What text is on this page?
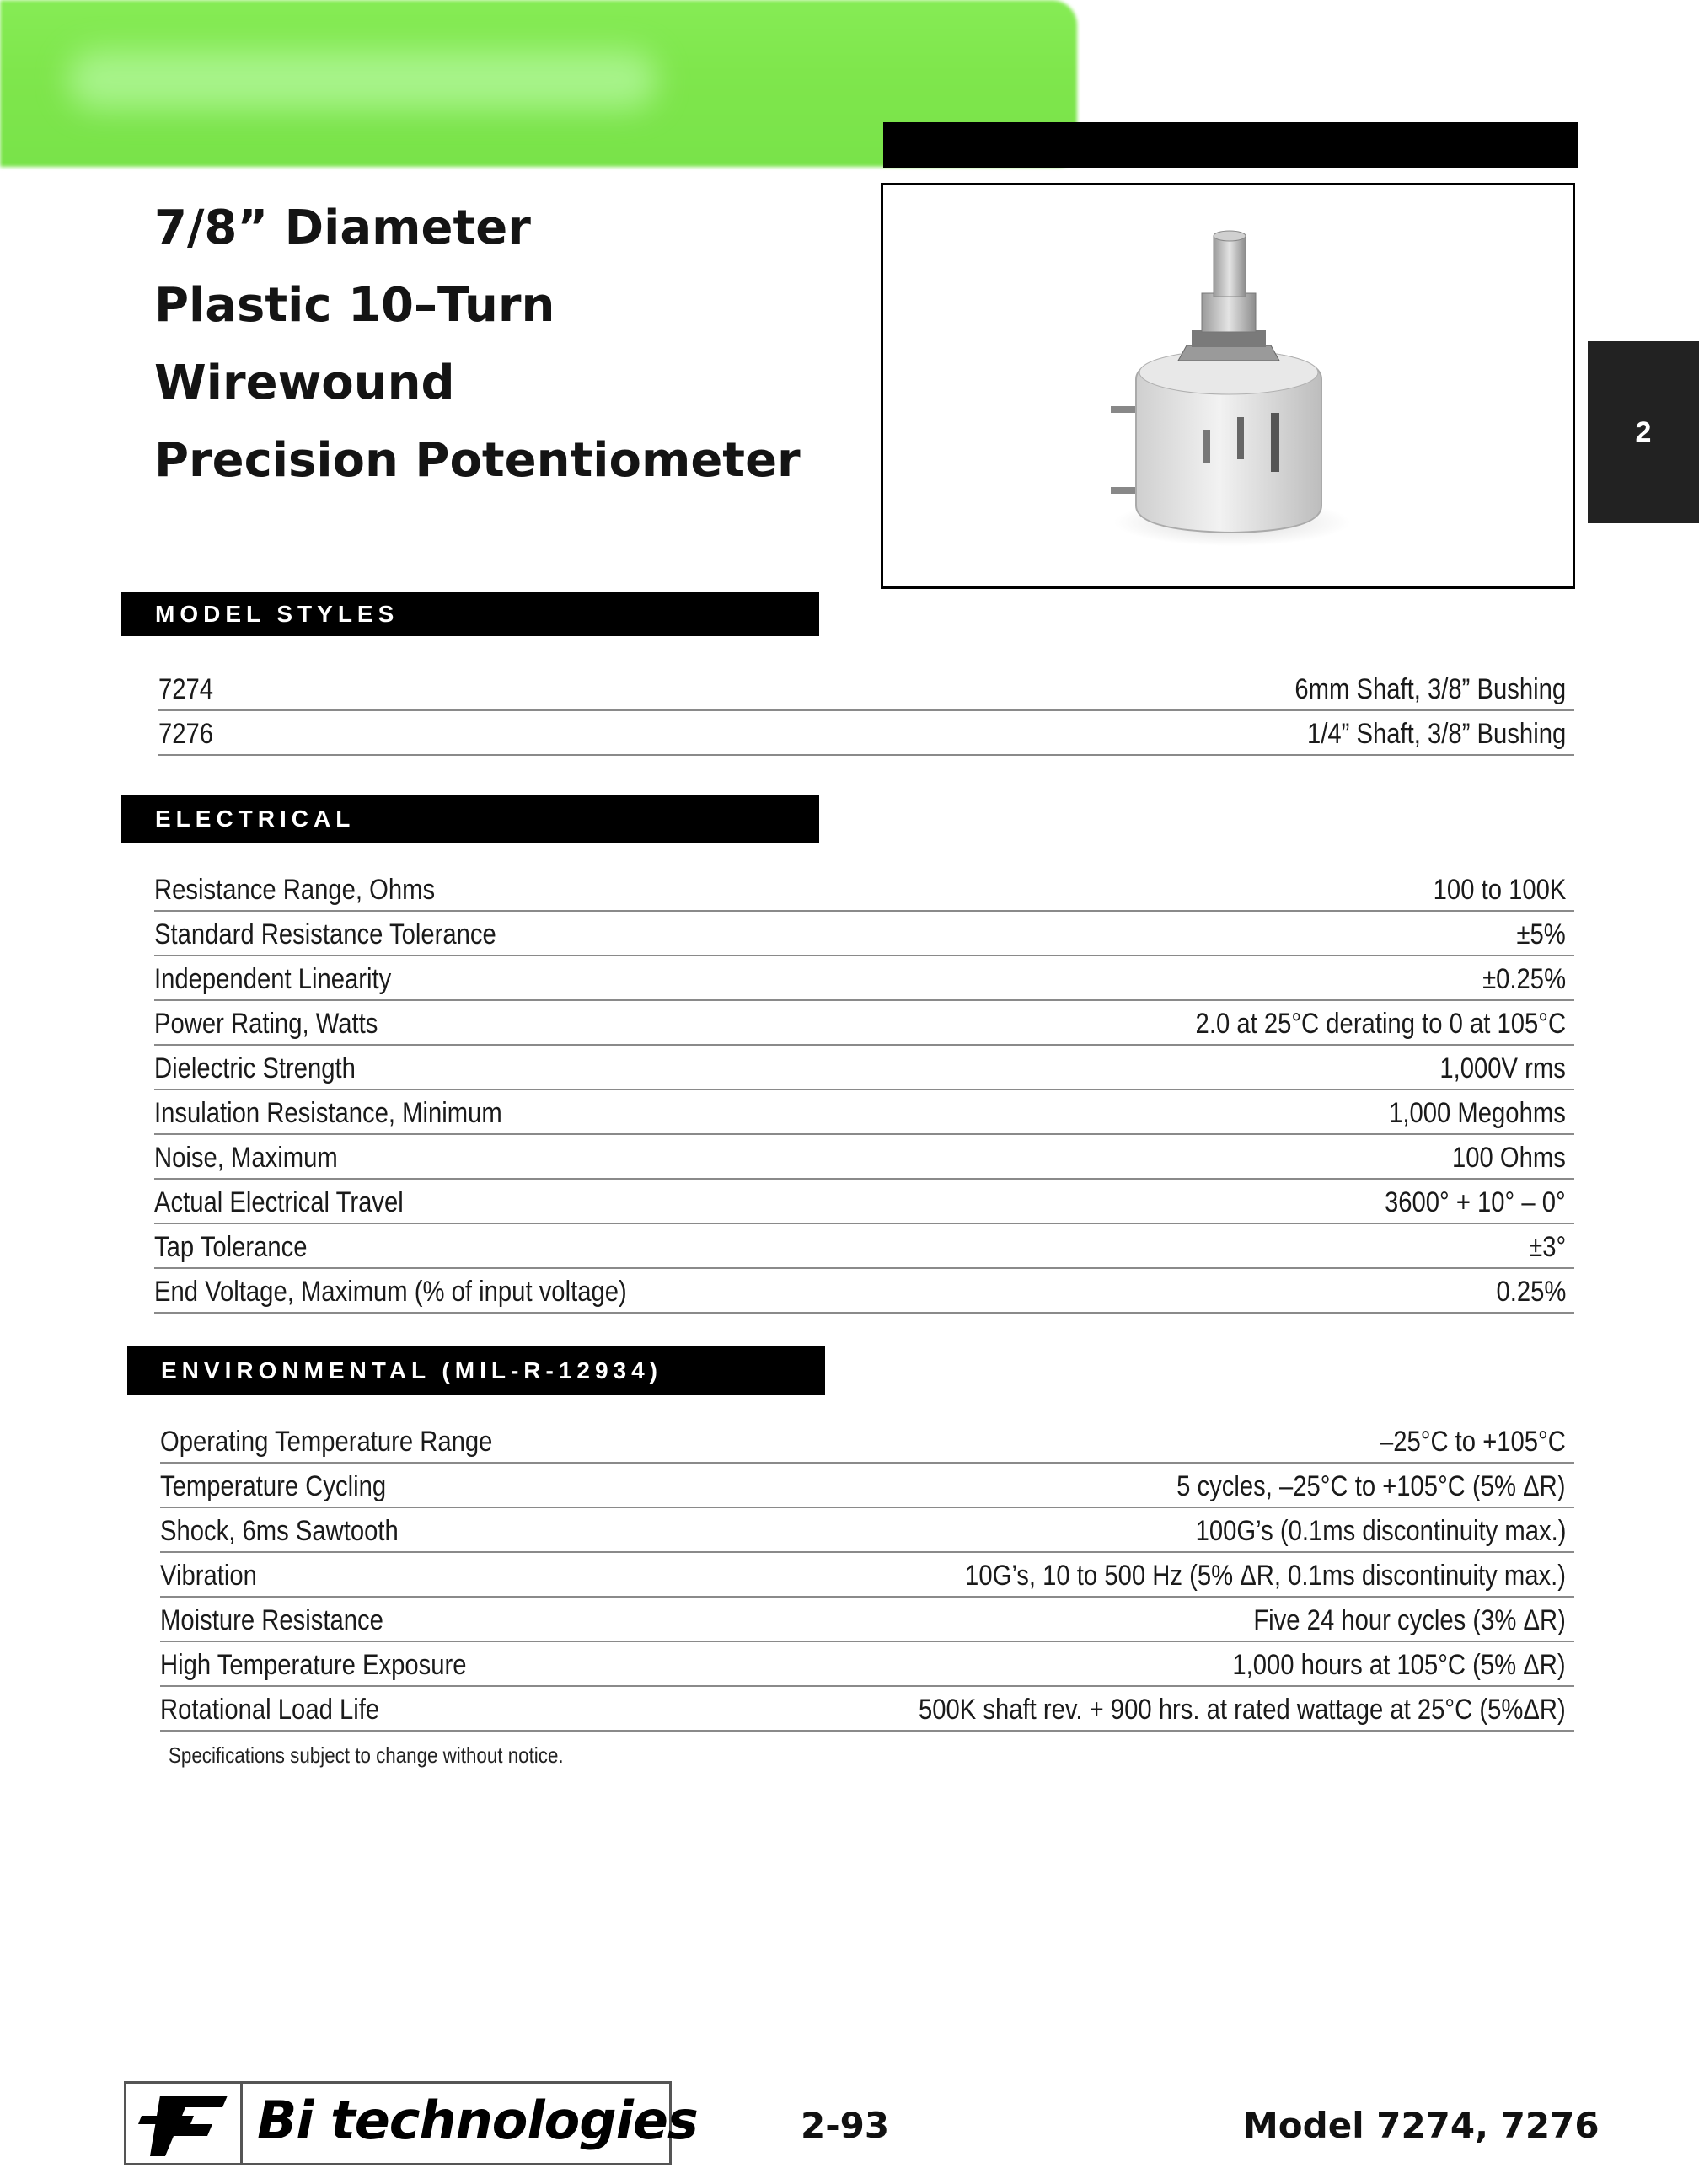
7/8” Diameter
Plastic 10–Turn
Wirewound
Precision Potentiometer
2
MODEL STYLES
7274	6mm Shaft, 3/8” Bushing
7276	1/4” Shaft, 3/8” Bushing
ELECTRICAL
Resistance Range, Ohms	100 to 100K
Standard Resistance Tolerance	±5%
Independent Linearity	±0.25%
Power Rating, Watts	2.0 at 25°C derating to 0 at 105°C
Dielectric Strength	1,000V rms
Insulation Resistance, Minimum	1,000 Megohms
Noise, Maximum	100 Ohms
Actual Electrical Travel	3600° + 10° – 0°
Tap Tolerance	±3°
End Voltage, Maximum (% of input voltage)	0.25%
ENVIRONMENTAL (MIL-R-12934)
Operating Temperature Range	–25°C to +105°C
Temperature Cycling	5 cycles, –25°C to +105°C (5% ΔR)
Shock, 6ms Sawtooth	100G’s (0.1ms discontinuity max.)
Vibration	10G’s, 10 to 500 Hz (5% ΔR, 0.1ms discontinuity max.)
Moisture Resistance	Five 24 hour cycles (3% ΔR)
High Temperature Exposure	1,000 hours at 105°C (5% ΔR)
Rotational Load Life	500K shaft rev. + 900 hrs. at rated wattage at 25°C (5%ΔR)
Specifications subject to change without notice.
Bi technologies	2-93	Model 7274, 7276
